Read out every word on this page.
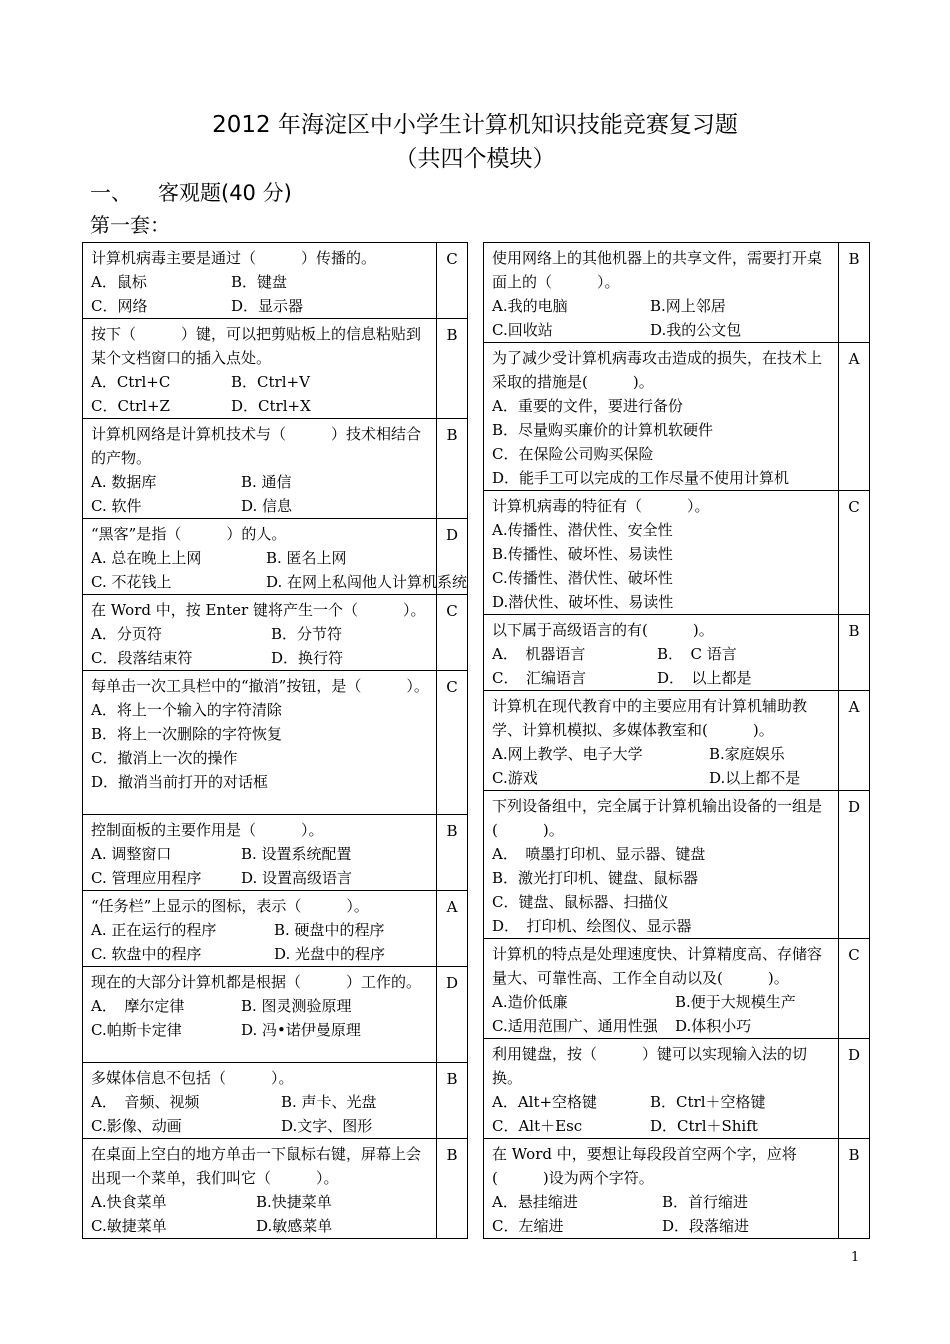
2012 年海淀区中小学生计算机知识技能竞赛复习题
（共四个模块）
一、 客观题(40 分)
第一套：
计算机病毒主要是通过（　　　）传播的。
A．鼠标 B．键盘
C．网络 D．显示器	C

按下（　　　）键，可以把剪贴板上的信息粘贴到某个文档窗口的插入点处。
A．Ctrl+C B．Ctrl+V
C．Ctrl+Z D．Ctrl+X	B

计算机网络是计算机技术与（　　　）技术相结合的产物。
A. 数据库 B. 通信
C. 软件 D. 信息	B

“黑客”是指（　　　）的人。
A. 总在晚上上网 B. 匿名上网
C. 不花钱上 D. 在网上私闯他人计算机系统	D

在 Word 中，按 Enter 键将产生一个（　　　）。
A．分页符 B．分节符
C．段落结束符 D．换行符	C

每单击一次工具栏中的“撤消”按钮，是（　　　）。
A．将上一个输入的字符清除
B．将上一次删除的字符恢复
C．撤消上一次的操作
D．撤消当前打开的对话框	C

控制面板的主要作用是（　　　）。
A. 调整窗口 B. 设置系统配置
C. 管理应用程序 D. 设置高级语言	B

“任务栏”上显示的图标，表示（　　　）。
A. 正在运行的程序 B. 硬盘中的程序
C. 软盘中的程序 D. 光盘中的程序	A

现在的大部分计算机都是根据（　　　）工作的。
A．　摩尔定律 B. 图灵测验原理
C.帕斯卡定律 D. 冯•诺伊曼原理	D

多媒体信息不包括（　　　）。
A．　音频、视频 B. 声卡、光盘
C.影像、动画 D.文字、图形	B

在桌面上空白的地方单击一下鼠标右键，屏幕上会出现一个菜单，我们叫它（　　　）。
A.快食菜单 B.快捷菜单
C.敏捷菜单 D.敏感菜单	B
使用网络上的其他机器上的共享文件，需要打开桌面上的（　　　）。
A.我的电脑 B.网上邻居
C.回收站 D.我的公文包	B

为了减少受计算机病毒攻击造成的损失，在技术上采取的措施是(　　　)。
A．重要的文件，要进行备份
B．尽量购买廉价的计算机软硬件
C．在保险公司购买保险
D．能手工可以完成的工作尽量不使用计算机	A

计算机病毒的特征有（　　　）。
A.传播性、潜伏性、安全性
B.传播性、破坏性、易读性
C.传播性、潜伏性、破坏性
D.潜伏性、破坏性、易读性	C

以下属于高级语言的有(　　　)。
A．　机器语言 B．　C 语言
C．　汇编语言 D．　以上都是	B

计算机在现代教育中的主要应用有计算机辅助教学、计算机模拟、多媒体教室和(　　　)。
A.网上教学、电子大学 B.家庭娱乐
C.游戏 D.以上都不是	A

下列设备组中，完全属于计算机输出设备的一组是(　　　)。
A．　喷墨打印机、显示器、键盘
B．激光打印机、键盘、鼠标器
C．键盘、鼠标器、扫描仪
D．　打印机、绘图仪、显示器	D

计算机的特点是处理速度快、计算精度高、存储容量大、可靠性高、工作全自动以及(　　　)。
A.造价低廉 B.便于大规模生产
C.适用范围广、通用性强 D.体积小巧	C

利用键盘，按（　　　）键可以实现输入法的切换。
A．Alt+空格键 B．Ctrl＋空格键
C．Alt＋Esc D．Ctrl＋Shift	D

在 Word 中，要想让每段段首空两个字，应将(　　　)设为两个字符。
A．悬挂缩进 B．首行缩进
C．左缩进 D．段落缩进	B
1
